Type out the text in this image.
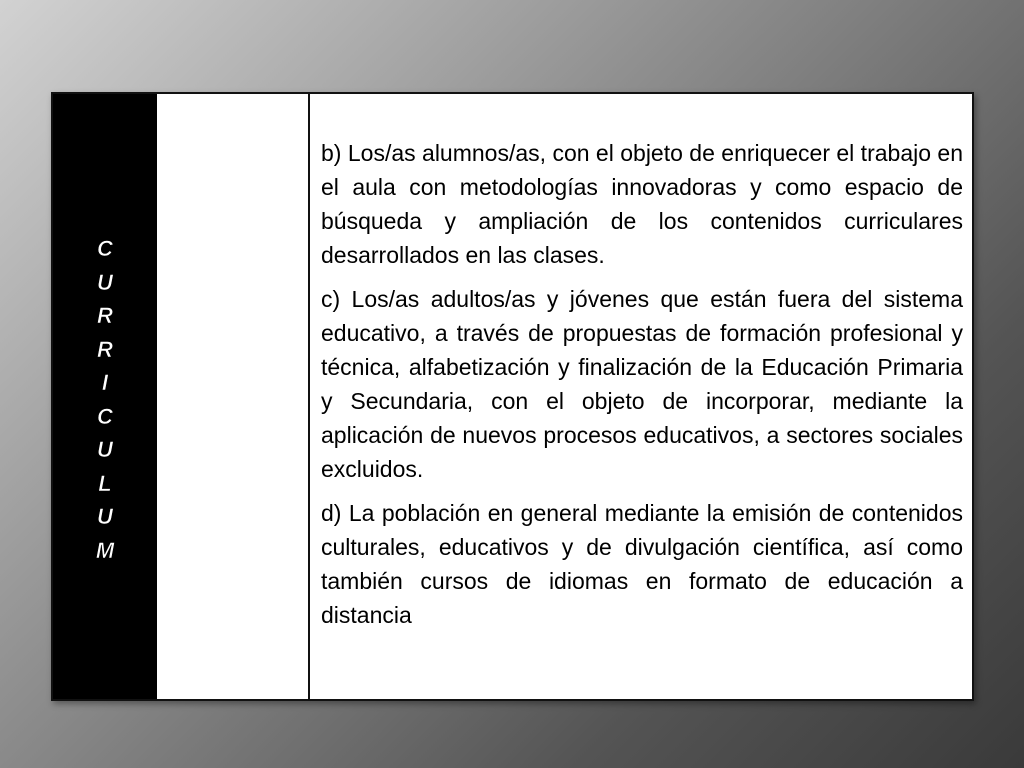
C
U
R
R
I
C
U
L
U
M

b) Los/as alumnos/as, con el objeto de enriquecer el trabajo en el aula con metodologías innovadoras y como espacio de búsqueda y ampliación de los contenidos curriculares desarrollados en las clases.

c) Los/as adultos/as y jóvenes que están fuera del sistema educativo, a través de propuestas de formación profesional y técnica, alfabetización y finalización de la Educación Primaria y Secundaria, con el objeto de incorporar, mediante la aplicación de nuevos procesos educativos, a sectores sociales excluidos.

d) La población en general mediante la emisión de contenidos culturales, educativos y de divulgación científica, así como también cursos de idiomas en formato de educación a distancia
